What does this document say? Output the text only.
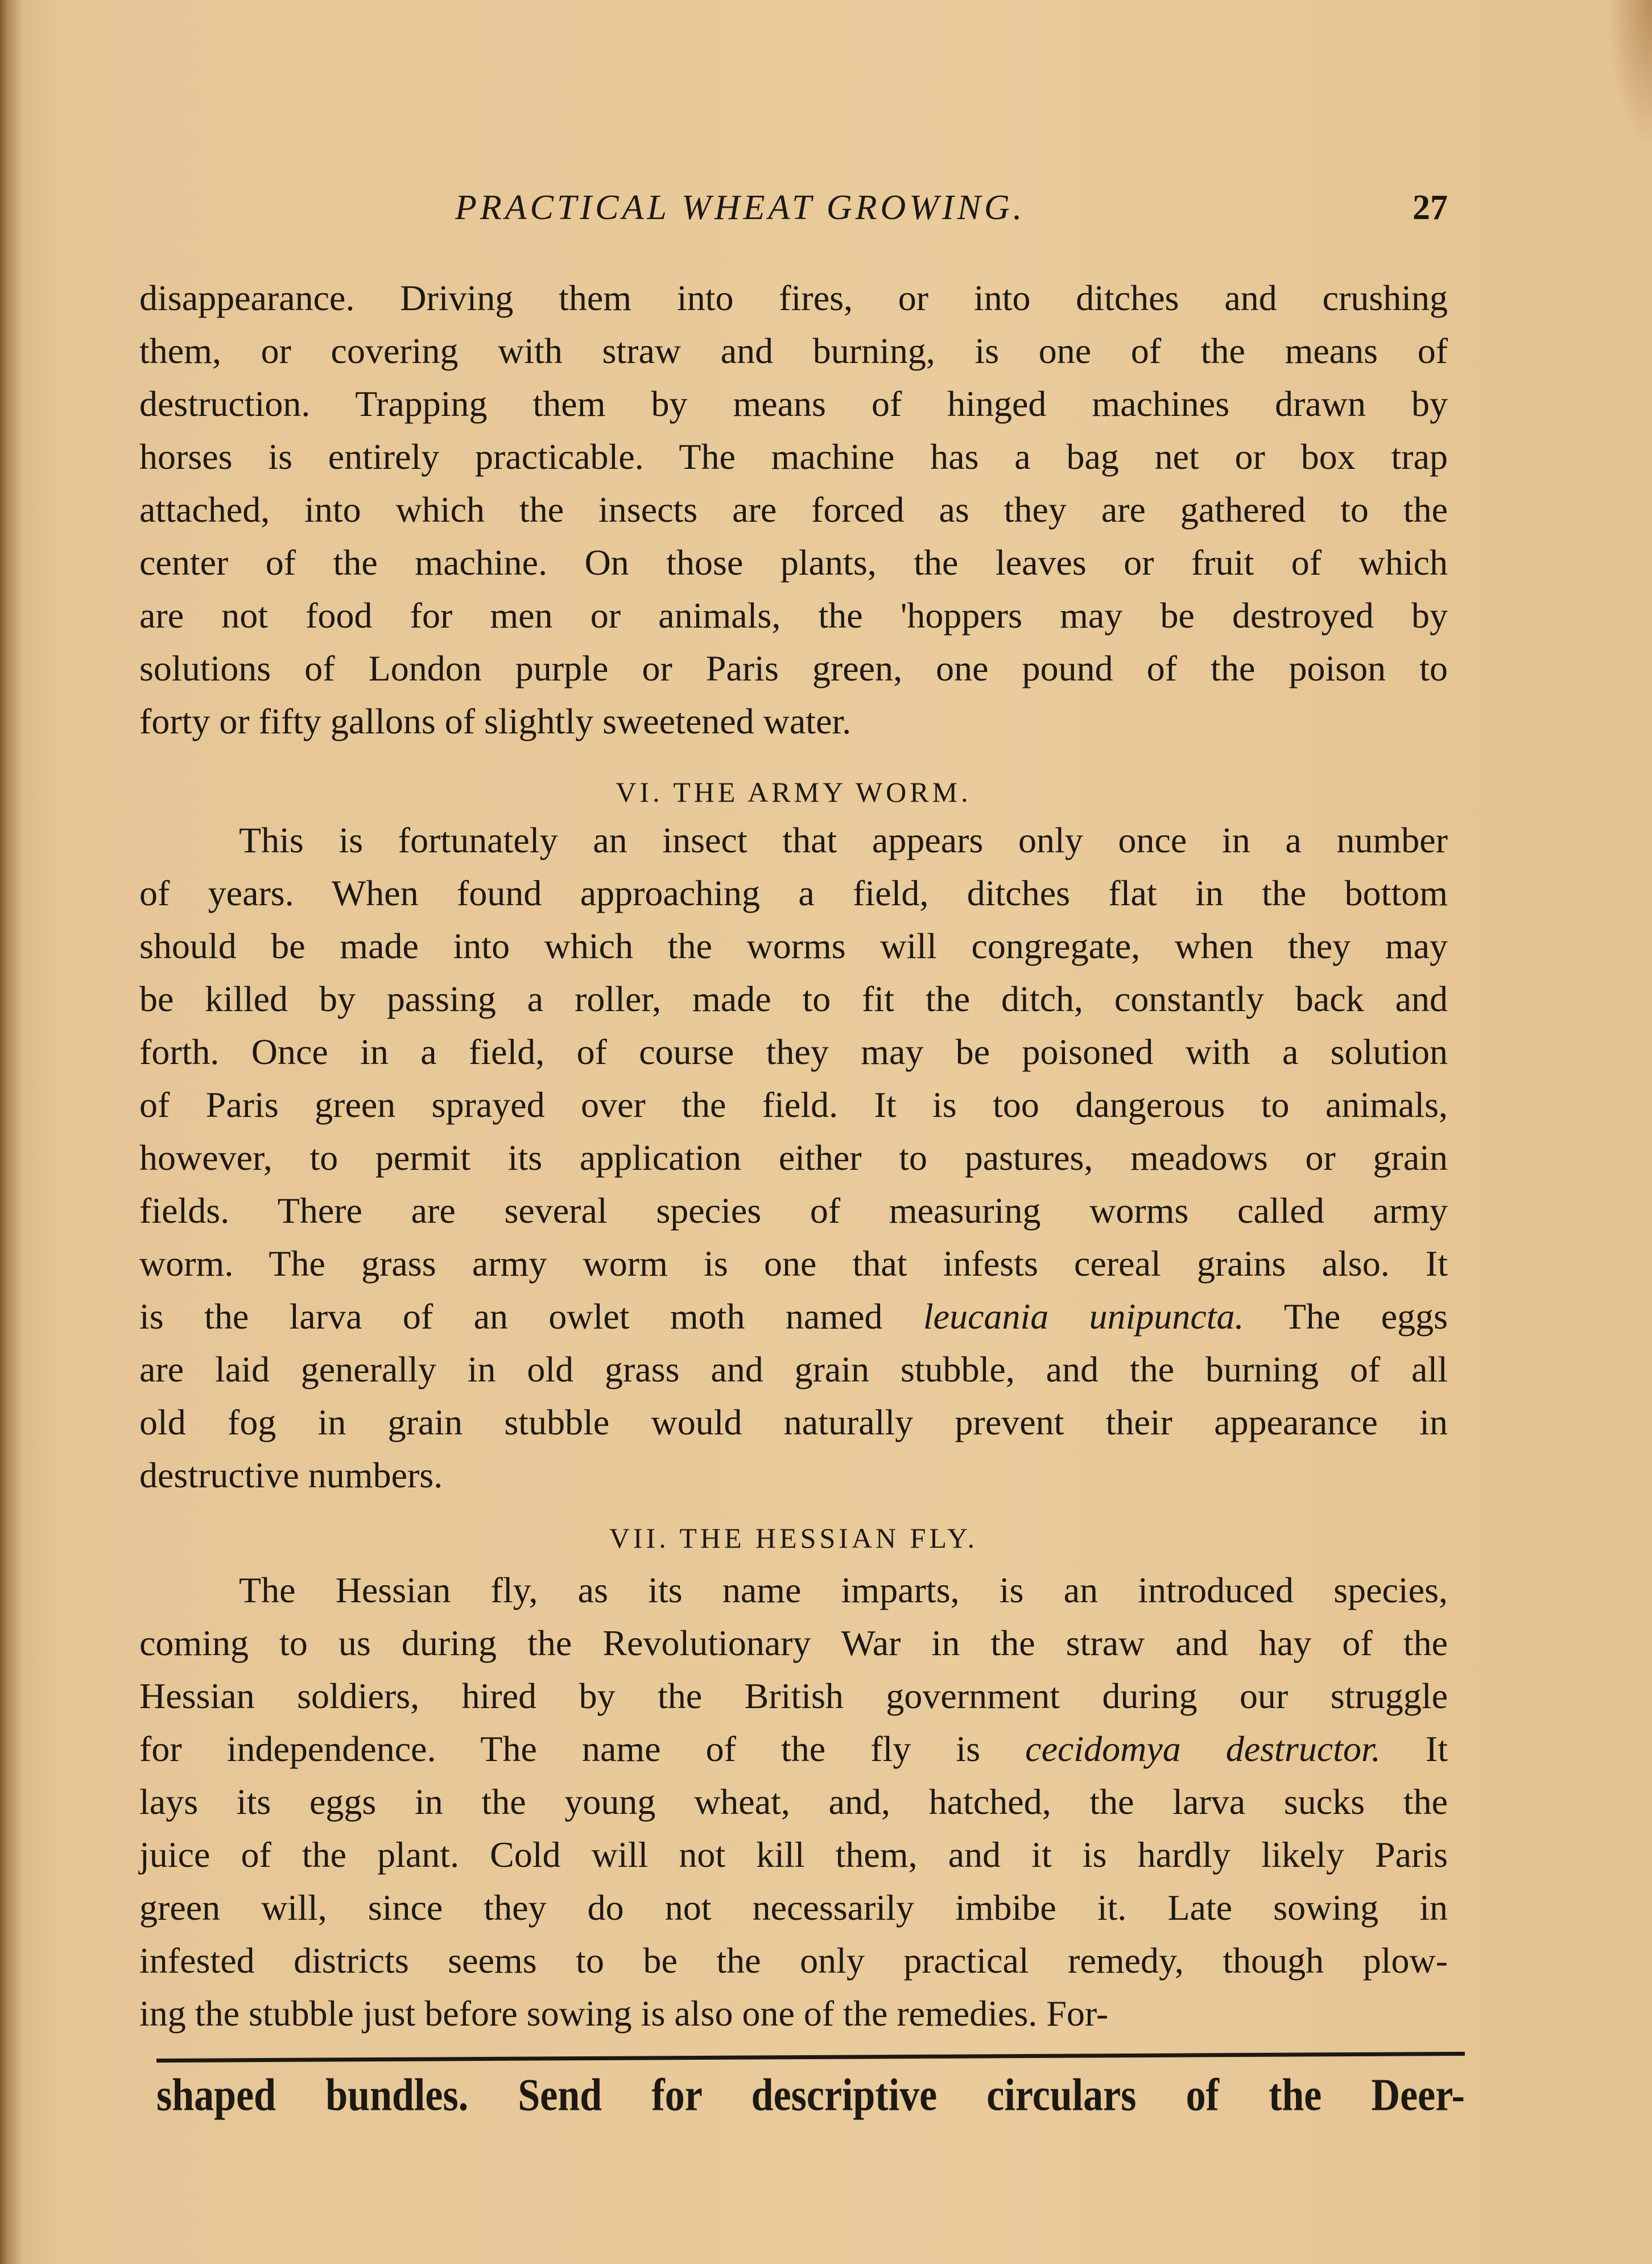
PRACTICAL WHEAT GROWING.	27
disappearance. Driving them into fires, or into ditches and crushing
them, or covering with straw and burning, is one of the means of
destruction. Trapping them by means of hinged machines drawn by
horses is entirely practicable. The machine has a bag net or box trap
attached, into which the insects are forced as they are gathered to the
center of the machine. On those plants, the leaves or fruit of which
are not food for men or animals, the 'hoppers may be destroyed by
solutions of London purple or Paris green, one pound of the poison to
forty or fifty gallons of slightly sweetened water.
VI. THE ARMY WORM.
This is fortunately an insect that appears only once in a number
of years. When found approaching a field, ditches flat in the bottom
should be made into which the worms will congregate, when they may
be killed by passing a roller, made to fit the ditch, constantly back and
forth. Once in a field, of course they may be poisoned with a solution
of Paris green sprayed over the field. It is too dangerous to animals,
however, to permit its application either to pastures, meadows or grain
fields. There are several species of measuring worms called army
worm. The grass army worm is one that infests cereal grains also. It
is the larva of an owlet moth named leucania unipuncta. The eggs
are laid generally in old grass and grain stubble, and the burning of all
old fog in grain stubble would naturally prevent their appearance in
destructive numbers.
VII. THE HESSIAN FLY.
The Hessian fly, as its name imparts, is an introduced species,
coming to us during the Revolutionary War in the straw and hay of the
Hessian soldiers, hired by the British government during our struggle
for independence. The name of the fly is cecidomya destructor. It
lays its eggs in the young wheat, and, hatched, the larva sucks the
juice of the plant. Cold will not kill them, and it is hardly likely Paris
green will, since they do not necessarily imbibe it. Late sowing in
infested districts seems to be the only practical remedy, though plow-
ing the stubble just before sowing is also one of the remedies. For-
shaped bundles. Send for descriptive circulars of the Deer-
